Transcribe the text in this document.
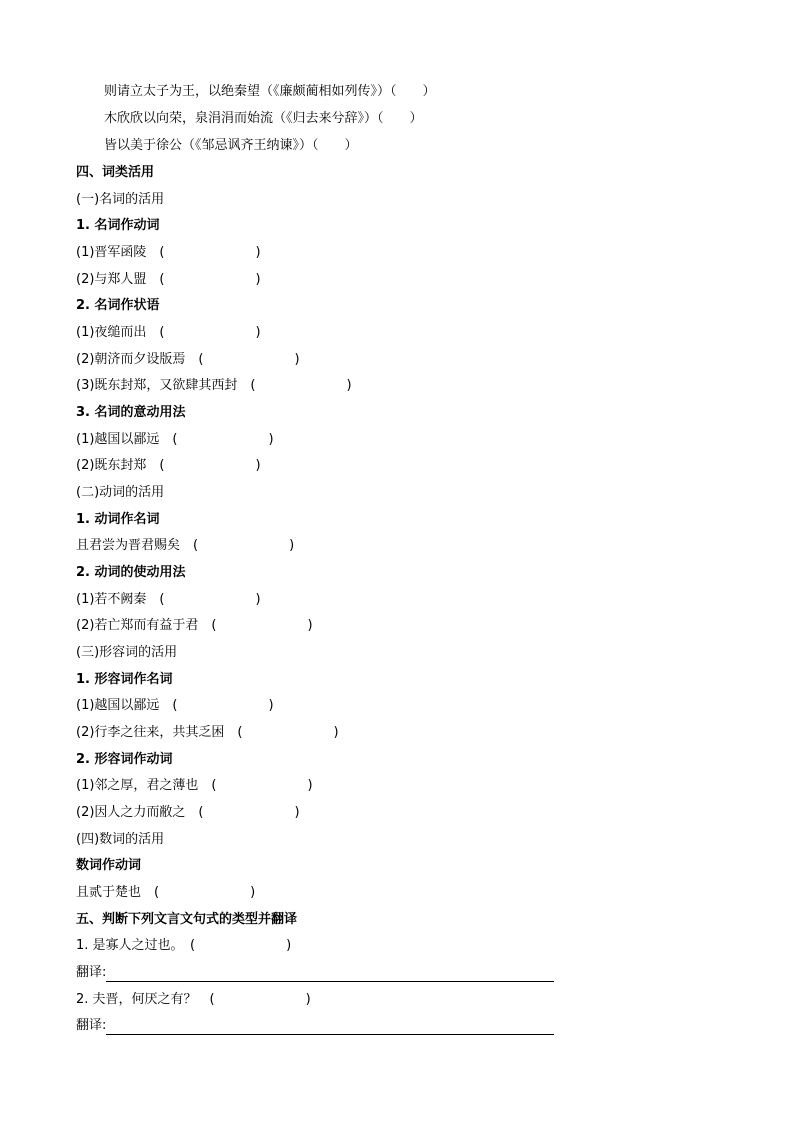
则请立太子为王，以绝秦望（《廉颇蔺相如列传》）（　　）
木欣欣以向荣，泉涓涓而始流（《归去来兮辞》）（　　）
皆以美于徐公（《邹忌讽齐王纳谏》）（　　）
四、词类活用
(一)名词的活用
1. 名词作动词
(1)晋军函陵　(　　　　　　　)
(2)与郑人盟　(　　　　　　　)
2. 名词作状语
(1)夜缒而出　(　　　　　　　)
(2)朝济而夕设版焉　(　　　　　　　)
(3)既东封郑，又欲肆其西封　(　　　　　　　)
3. 名词的意动用法
(1)越国以鄙远　(　　　　　　　)
(2)既东封郑　(　　　　　　　)
(二)动词的活用
1. 动词作名词
且君尝为晋君赐矣　(　　　　　　　)
2. 动词的使动用法
(1)若不阙秦　(　　　　　　　)
(2)若亡郑而有益于君　(　　　　　　　)
(三)形容词的活用
1. 形容词作名词
(1)越国以鄙远　(　　　　　　　)
(2)行李之往来，共其乏困　(　　　　　　　)
2. 形容词作动词
(1)邻之厚，君之薄也　(　　　　　　　)
(2)因人之力而敝之　(　　　　　　　)
(四)数词的活用
数词作动词
且贰于楚也　(　　　　　　　)
五、判断下列文言文句式的类型并翻译
1. 是寡人之过也。　(　　　　　　　)
翻译:
2. 夫晋，何厌之有？　(　　　　　　　)
翻译:
